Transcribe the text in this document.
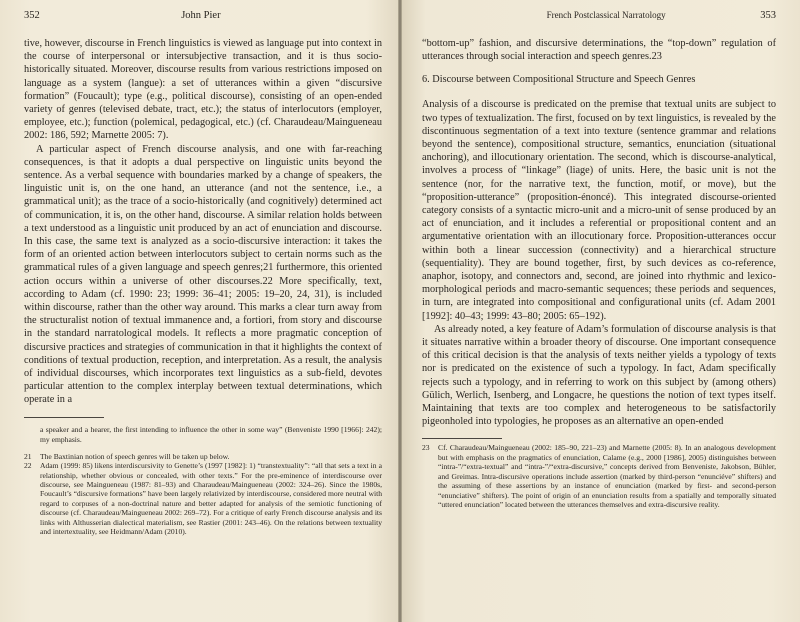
352	John Pier

tive, however, discourse in French linguistics is viewed as language put into context in the course of interpersonal or intersubjective transaction, and it is thus socio-historically situated. Moreover, discourse results from various restrictions imposed on language as a system (langue): a set of utterances within a given “discursive formation” (Foucault); type (e.g., political discourse), consisting of an open-ended variety of genres (televised debate, tract, etc.); the status of interlocutors (employer, employee, etc.); function (polemical, pedagogical, etc.) (cf. Charaudeau/Maingueneau 2002: 186, 592; Marnette 2005: 7).

A particular aspect of French discourse analysis, and one with far-reaching consequences, is that it adopts a dual perspective on linguistic units beyond the sentence. As a verbal sequence with boundaries marked by a change of speakers, the linguistic unit is, on the one hand, an utterance (and not the sentence, i.e., a grammatical unit); as the trace of a socio-historically (and cognitively) determined act of communication, it is, on the other hand, discourse. A similar relation holds between a text understood as a linguistic unit produced by an act of enunciation and discourse. In this case, the same text is analyzed as a socio-discursive interaction: it takes the form of an oriented action between interlocutors subject to certain norms such as the grammatical rules of a given language and speech genres;21 furthermore, this oriented action occurs within a universe of other discourses.22 More specifically, text, according to Adam (cf. 1990: 23; 1999: 36–41; 2005: 19–20, 24, 31), is included within discourse, rather than the other way around. This marks a clear turn away from the structuralist notion of textual immanence and, a fortiori, from story and discourse in the standard narratological models. It reflects a more pragmatic conception of discursive practices and strategies of communication in that it highlights the context of conditions of textual production, reception, and interpretation. As a result, the analysis of individual discourses, which incorporates text linguistics as a sub-field, devotes particular attention to the complex interplay between textual determinations, which operate in a

a speaker and a hearer, the first intending to influence the other in some way” (Benveniste 1990 [1966]: 242); my emphasis.

21	The Baxtinian notion of speech genres will be taken up below.
22	Adam (1999: 85) likens interdiscursivity to Genette’s (1997 [1982]: 1) “transtextuality”: “all that sets a text in a relationship, whether obvious or concealed, with other texts.” For the pre-eminence of interdiscourse over discourse, see Maingueneau (1987: 81–93) and Charaudeau/Maingueneau (2002: 324–26). Since the 1980s, Foucault’s “discursive formations” have been largely relativized by interdiscourse, considered more neutral with regard to corpuses of a non-doctrinal nature and better adapted for analysis of the semiotic functioning of discourse (cf. Charaudeau/Maingueneau 2002: 269–72). For a critique of early French discourse analysis and its links with Althusserian dialectical materialism, see Rastier (2001: 243–46). On the relations between textuality and intertextuality, see Heidmann/Adam (2010).
French Postclassical Narratology	353

“bottom-up” fashion, and discursive determinations, the “top-down” regulation of utterances through social interaction and speech genres.23

6. Discourse between Compositional Structure and Speech Genres

Analysis of a discourse is predicated on the premise that textual units are subject to two types of textualization. The first, focused on by text linguistics, is revealed by the discontinuous segmentation of a text into texture (sentence grammar and relations beyond the sentence), compositional structure, semantics, enunciation (situational anchoring), and illocutionary orientation. The second, which is discourse-analytical, involves a process of “linkage” (liage) of units. Here, the basic unit is not the sentence (nor, for the narrative text, the function, motif, or move), but the “proposition-utterance” (proposition-énoncé). This integrated discourse-oriented category consists of a syntactic micro-unit and a micro-unit of sense produced by an act of enunciation, and it includes a referential or propositional content and an argumentative orientation with an illocutionary force. Proposition-utterances occur within both a linear succession (connectivity) and a hierarchical structure (sequentiality). They are bound together, first, by such devices as co-reference, anaphor, isotopy, and connectors and, second, are joined into rhythmic and lexico-morphological periods and macro-semantic sequences; these periods and sequences, in turn, are integrated into compositional and configurational units (cf. Adam 2001 [1992]: 40–43; 1999: 43–80; 2005: 65–192).

As already noted, a key feature of Adam’s formulation of discourse analysis is that it situates narrative within a broader theory of discourse. One important consequence of this critical decision is that the analysis of texts neither yields a typology of texts nor is predicated on the existence of such a typology. In fact, Adam specifically rejects such a typology, and in referring to work on this subject by (among others) Gülich, Werlich, Isenberg, and Longacre, he questions the notion of text types itself. Maintaining that texts are too complex and heterogeneous to be satisfactorily pigeonholed into typologies, he proposes as an alternative an open-ended

23	Cf. Charaudeau/Maingueneau (2002: 185–90, 221–23) and Marnette (2005: 8). In an analogous development but with emphasis on the pragmatics of enunciation, Calame (e.g., 2000 [1986], 2005) distinguishes between “intra-”/“extra-textual” and “intra-”/“extra-discursive,” concepts derived from Benveniste, Jakobson, Bühler, and Greimas. Intra-discursive operations include assertion (marked by third-person “enunciéve” shifters) and the assuming of these assertions by an instance of enunciation (marked by first- and second-person “enunciative” shifters). The point of origin of an enunciation results from a spatially and temporally situated “uttered enunciation” located between the utterances themselves and extra-discursive reality.
